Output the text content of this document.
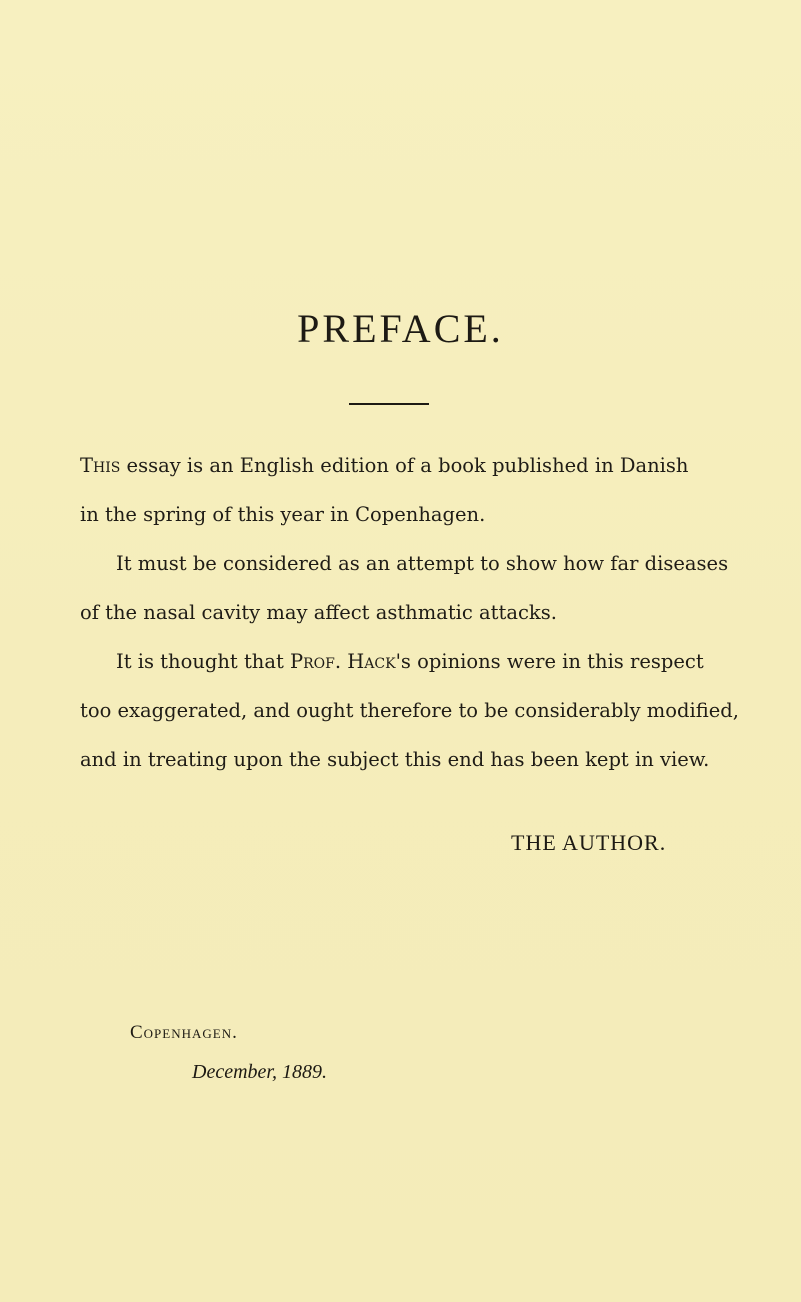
PREFACE.
This essay is an English edition of a book published in Danish
in the spring of this year in Copenhagen.
It must be considered as an attempt to show how far diseases
of the nasal cavity may affect asthmatic attacks.
It is thought that Prof. Hack's opinions were in this respect
too exaggerated, and ought therefore to be considerably modified,
and in treating upon the subject this end has been kept in view.
THE AUTHOR.
Copenhagen.
December, 1889.
